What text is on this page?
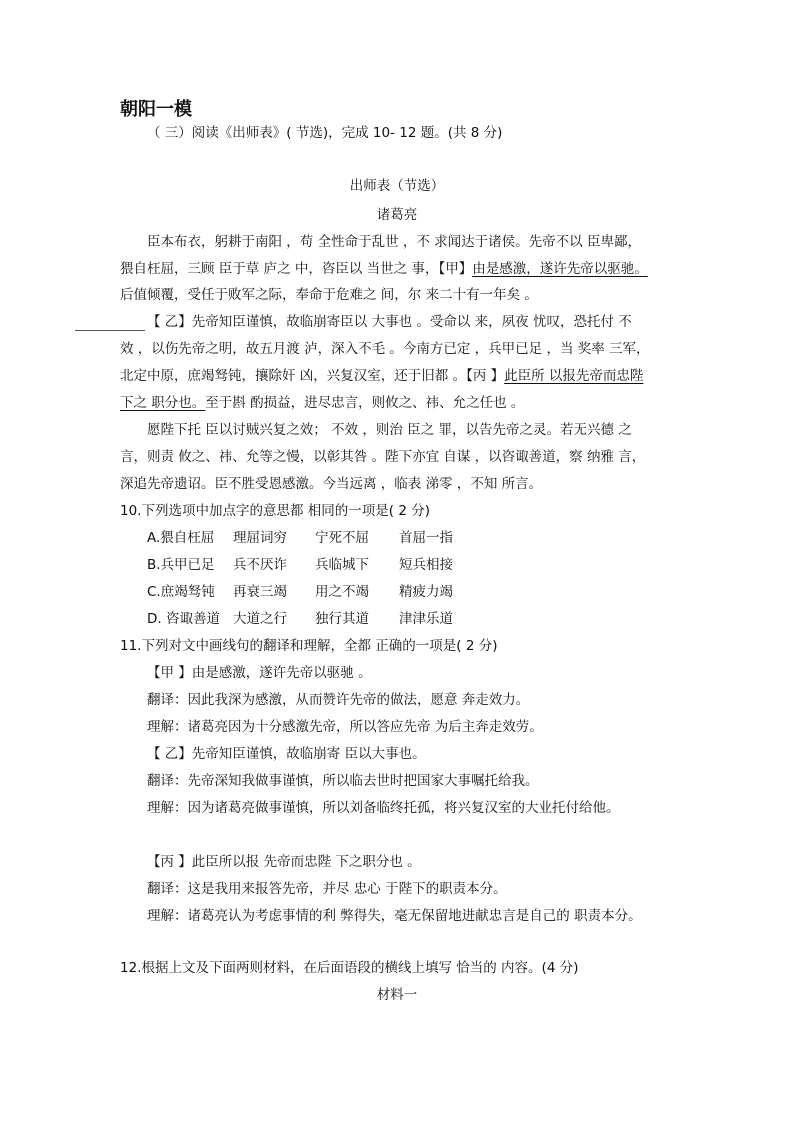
朝阳一模
（ 三）阅读《出师表》( 节选)，完成 10- 12 题。(共 8 分)
出师表（节选）
诸葛亮
臣本布衣，躬耕于南阳 ，苟 全性命于乱世 ，不 求闻达于诸侯。先帝不以 臣卑鄙，
猥自枉屈，三顾 臣于草 庐之 中，咨臣以 当世之 事，【甲】由是感激，遂许先帝以驱驰。
后值倾覆，受任于败军之际，奉命于危难之 间，尔 来二十有一年矣 。
【 乙】先帝知臣谨慎，故临崩寄臣以 大事也 。受命以 来，夙夜 忧叹，恐托付 不
效 ，以伤先帝之明，故五月渡 泸，深入不毛 。今南方已定 ，兵甲已足 ，当 奖率 三军，
北定中原，庶竭驽钝，攘除奸 凶，兴复汉室，还于旧都 。【丙 】此臣所 以报先帝而忠陛
下之 职分也。至于斟 酌损益，进尽忠言，则攸之、祎、允之任也 。
愿陛下托 臣以讨贼兴复之效； 不效 ，则治 臣之 罪，以告先帝之灵。若无兴德 之
言，则责 攸之、祎、允等之慢，以彰其咎 。陛下亦宜 自谋 ，以咨诹善道，察 纳雅 言，
深追先帝遗诏。臣不胜受恩感激。今当远离 ，临表 涕零 ，不知 所言。
10.下列选项中加点字的意思都 相同的一项是( 2 分)
A.猥自枉屈 理屈词穷 宁死不屈 首屈一指
B.兵甲已足 兵不厌诈 兵临城下 短兵相接
C.庶竭驽钝 再衰三竭 用之不竭 精疲力竭
D. 咨诹善道 大道之行 独行其道 津津乐道
11.下列对文中画线句的翻译和理解，全都 正确的一项是( 2 分)
【甲 】由是感激，遂许先帝以驱驰 。
翻译：因此我深为感激，从而赞许先帝的做法，愿意 奔走效力。
理解：诸葛亮因为十分感激先帝，所以答应先帝 为后主奔走效劳。
【 乙】先帝知臣谨慎，故临崩寄 臣以大事也。
翻译：先帝深知我做事谨慎，所以临去世时把国家大事嘱托给我。
理解：因为诸葛亮做事谨慎，所以刘备临终托孤，将兴复汉室的大业托付给他。
【丙 】此臣所以报 先帝而忠陛 下之职分也 。
翻译：这是我用来报答先帝，并尽 忠心 于陛下的职责本分。
理解：诸葛亮认为考虑事情的利 弊得失，毫无保留地进献忠言是自己的 职责本分。
12.根据上文及下面两则材料，在后面语段的横线上填写 恰当的 内容。(4 分)
材料一
